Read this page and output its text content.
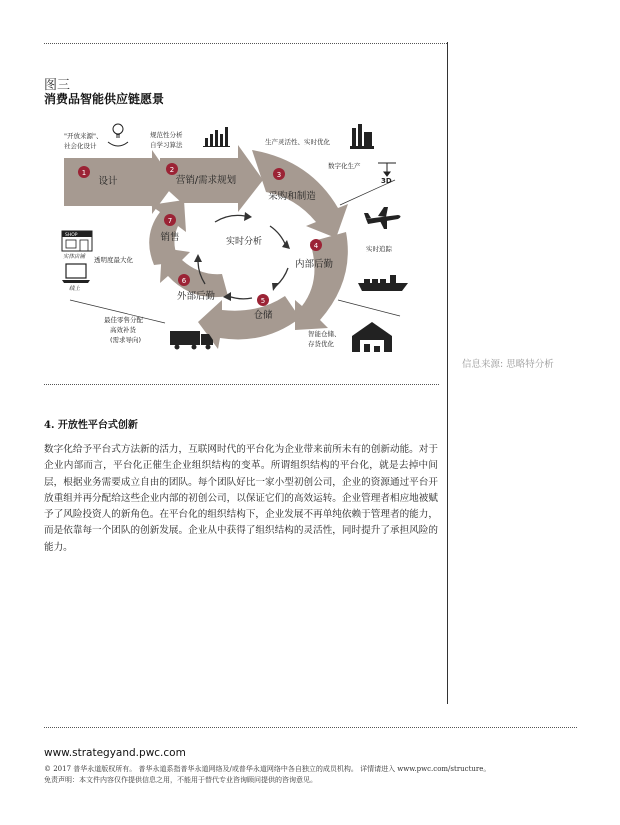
图三
消费品智能供应链愿景
实时分析
1
设计
2
营销/需求规划	3
采购和制造
4
内部后勤
5
仓储
6
外部后勤
7
销售
"开放来源"、
社会化设计
规范性分析
自学习算法	生产灵活性、实时优化
数字化生产
3D
实时追踪
智能仓储、
存货优化
最佳零售分配
高效补货
(需求导向)
SHOP
实体店铺 透明度最大化
线上
信息来源: 思略特分析
4. 开放性平台式创新

数字化给予平台式方法新的活力，互联网时代的平台化为企业带来前所未有的创新动能。对于企业内部而言，平台化正催生企业组织结构的变革。所谓组织结构的平台化，就是去掉中间层，根据业务需要成立自由的团队。每个团队好比一家小型初创公司，企业的资源通过平台开放重组并再分配给这些企业内部的初创公司，以保证它们的高效运转。企业管理者相应地被赋予了风险投资人的新角色。在平台化的组织结构下，企业发展不再单纯依赖于管理者的能力，而是依靠每一个团队的创新发展。企业从中获得了组织结构的灵活性，同时提升了承担风险的能力。

www.strategyand.pwc.com
© 2017 普华永道版权所有。 普华永道系指普华永道网络及/或普华永道网络中各自独立的成员机构。 详情请进入 www.pwc.com/structure。
免责声明：本文件内容仅作提供信息之用，不能用于替代专业咨询顾问提供的咨询意见。
